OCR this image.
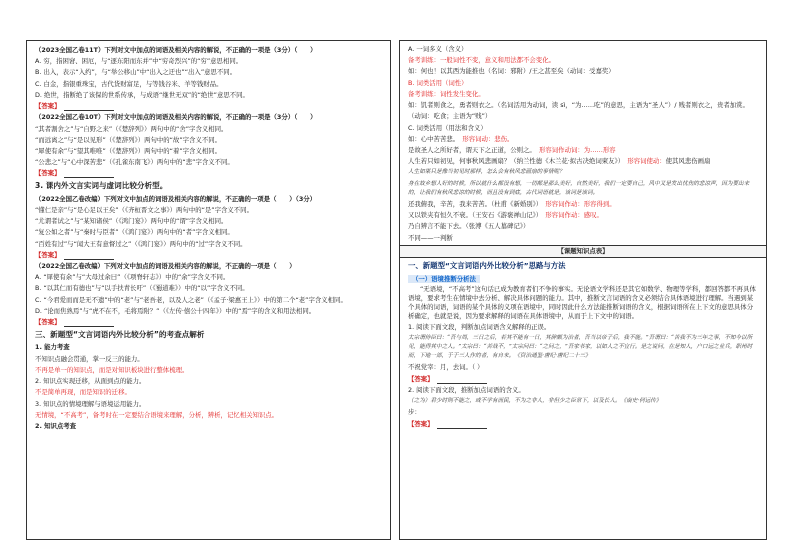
（2023全国乙卷11T）下列对文中加点的词语及相关内容的解说，不正确的一项是（3分）（　　）

A. 穷，指困窘、困厄，与“逐东阳而东并”中“穷奇烈兴”的“穷”意思相同。

B. 出入，表示“入约”，与“举公移山”中“出入之迂也”“出入”意思不同。

C. 白金，指银重珠宝，古代货财富足，与等钱谷米、羊等钱财品。

D. 绝世，指断绝了该保的世系传承，与成语“继世无双”的“绝世”意思不同。

【答案】

（2022全国乙卷10T）下列对文中加点的词语及相关内容的解说，不正确的一项是（3分）（　　）

“其者割舍之”与“自野之来”（《楚辞列》）两句中的“舍”字含义相同。

“而远离之”与“是以见形”（《楚辞列》）两句中的“故”字含义不同。

“犀使有余”与“望其唯唯”（《楚辞列》）两句中的“着”字含义相同。

“公悲之”与“心中深苦悲”（《孔雀东南飞》）两句中的“悲”字含义不同。

【答案】

3. 课内外文言实词与虚词比较分析型。

（2022全国乙卷改编）下列对文中加点的词语及相关内容的解说，不正确的一项是（　　）（3分）

“懂仁是亲”与“是心足以王矣”（《齐桓晋文之事》）两句中的“是”字含义不同。

“尤谓者试之”与“某知诸侯”（《鸿门宴》）两句中的“谓”字含义相同。

“复公如之者”与“秦时与臣者”（《鸿门宴》）两句中的“者”字含义相同。

“百姓有过”与“闻大王有意督过之”（《鸿门宴》）两句中的“过”字含义不同。

【答案】

（2022全国乙卷改编）下列对文中加点的词语及相关内容的解说，不正确的一项是（　　）

A. “犀使有余”与“大母过余曰”（《项脊轩志》）中的“余”字含义不同。

B. “以其仁而有德也”与“以手扶青长吁”（《蜀道难》）中的“以”字含义不同。

C. “今君爱而而是无不遗”中的“老”与“老吾老，以及人之老”（《孟子·梁惠王上》）中的第二个“老”字含义相同。

D. “论而焦熟焉”与“虎不在不，毛将焉附？”（《左传·僖公十四年》）中的“焉”字的含义和用法相同。

【答案】

三、新题型“文言词语内外比较分析”的考查点解析

1. 能力考查

不知识点融会贯通，掌一反三的能力。

不再是单一的知识点，而是对知识板块进行整体梳理。

2. 知识点实现迁移，从面到点的能力。

不是简单再现，而是知识的迁移。

3. 知识点的情境理解与语境运用能力。

无情境，“不高考”，备考时在一定要结合语境来理解，分析，辨析，记忆相关知识点。

2. 知识点考查

A. 一词多义（含义）

备考训练：一般词性不变，意义和用法都不会变化。

如：何也！以其西为能推也（名词：邪附）/王之甚至矣（动词：受嘉奖）

B. 词类活用（词性）

备考训练：词性发生变化。

如：饥者则食之，勇者则衣之。（名词活用为动词，读 sì，“为……吃”的意思，主语为“圣人”）/ 贱者则衣之，贵者加赏。

（动词：吃食；主语为“贱”）

C. 词类活用（用法和含义）

如：心中苦苦悲。　 形容词动：悲伤。

是故圣人之所好者，谓天下之正道，公则之。　 形容词作动词：为……形容

人生若只如初见，何事秋风悲画扇？（纳兰性德《木兰花·拟古决绝词柬友》）　 形容词使动：使其风悲伤画扇

人生如果只是像当初见时那样，怎么会有秋风悲画扇的事情呢？

身在故乡想人好的时候，所以就什么都没有想，一切都是那么美好，自然美好，我们一定要自己，风中又是发出忧伤的悲凉声，因为要出来的，让我们有秋风悲凉的时候，而且没有到底，古代词语就是，该词是该词。

还我俯我，辛苦，我来苦苦。（杜甫《新婚别》）　 形容词作动：形容得到。

又以铁夹有恒久不衰。（王安石《游褒禅山记》）　 形容词作动：感叹。

乃自辨言不能下去。（张溥《五人墓碑记》）

不同——一判断

【课题知识点表】

一、新题型“文言词语内外比较分析”思路与方法

（一）语境推断分析法

“无语境，“不高考”这句话已成为教育者们不争的事实。无论语文学科还是其它如数学、物理等学科，都回答都不再具体语境，要求考生在情境中去分析、解决具体问题的能力。其中，推断文言词语的含义必须结合具体语境进行理解。当遇到某个具体的词语，词语的某个具体的义项在语境中，同时因此什么方法能推断词语的含义，根据词语所在上下文的意思具体分析确定，也就是说，因为要求解释的词语在具体语境中，从而于上下文中的词语。

1. 阅读下面文段，判断加点词语含义解释的正误。

太宗谓侍臣曰：“吾与周，三日之后，若其不能有一日，其辞颇为治者，吾当以帝子后，我不能。”吾谓曰：“苦我不为三年之事，不知今以所见，能得其中之人。”太宗曰：“苦哉不，”太宗问曰：“之问之，”吾家书家，以如人之不宜行。是之说问，在是知人，户口远之业兵，职州时而，下地一部，于于三人作的者，有自来。《资治通鉴·唐纪·唐纪二十三》

不祝党宰：月，去词。（ ）

【答案】

2. 阅读下面文段，推断加点词语的含义。

（之为）君少时则不能之，或不学有而民，不为之非人，非但少之臣常下，以及长人。《南史·何远传》

步：

【答案】
